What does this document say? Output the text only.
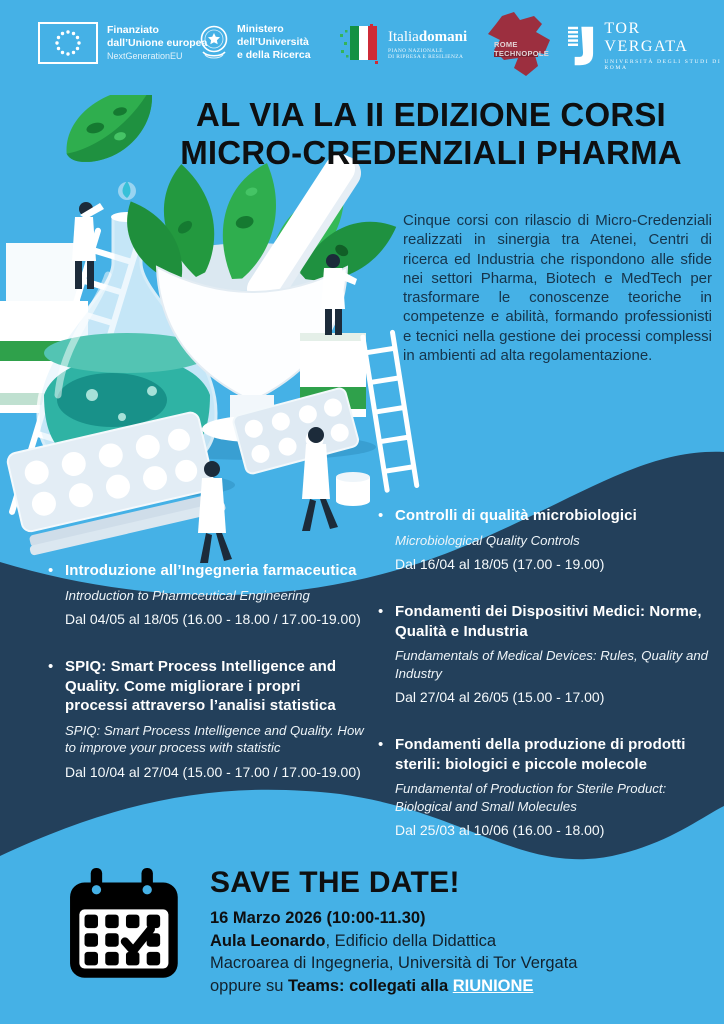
Finanziato
dall’Unione europea
NextGenerationEU
Ministero
dell’Università
e della Ricerca
Italiadomani
PIANO NAZIONALE
DI RIPRESA E RESILIENZA
ROME
TECHNOPOLE
TOR VERGATA
UNIVERSITÀ DEGLI STUDI DI ROMA
AL VIA LA II EDIZIONE CORSI
MICRO-CREDENZIALI PHARMA

Cinque corsi con rilascio di Micro-Credenziali realizzati in sinergia tra Atenei, Centri di ricerca ed Industria che rispondono alle sfide nei settori Pharma, Biotech e MedTech per trasformare le conoscenze teoriche in competenze e abilità, formando professionisti e tecnici nella gestione dei processi complessi in ambienti ad alta regolamentazione.

• Introduzione all’Ingegneria farmaceutica

Introduction to Pharmceutical Engineering

Dal 04/05 al 18/05 (16.00 - 18.00 / 17.00-19.00)

• SPIQ: Smart Process Intelligence and Quality. Come migliorare i propri processi attraverso l’analisi statistica

SPIQ: Smart Process Intelligence and Quality. How to improve your process with statistic

Dal 10/04 al 27/04 (15.00 - 17.00 / 17.00-19.00)

• Controlli di qualità microbiologici

Microbiological Quality Controls

Dal 16/04 al 18/05 (17.00 - 19.00)

• Fondamenti dei Dispositivi Medici: Norme, Qualità e Industria

Fundamentals of Medical Devices: Rules, Quality and Industry

Dal 27/04 al 26/05 (15.00 - 17.00)

• Fondamenti della produzione di prodotti sterili: biologici e piccole molecole

Fundamental of Production for Sterile Product: Biological and Small Molecules

Dal 25/03 al 10/06 (16.00 - 18.00)

SAVE THE DATE!
16 Marzo 2026 (10:00-11.30)
Aula Leonardo, Edificio della Didattica
Macroarea di Ingegneria, Università di Tor Vergata
oppure su Teams: collegati alla RIUNIONE
